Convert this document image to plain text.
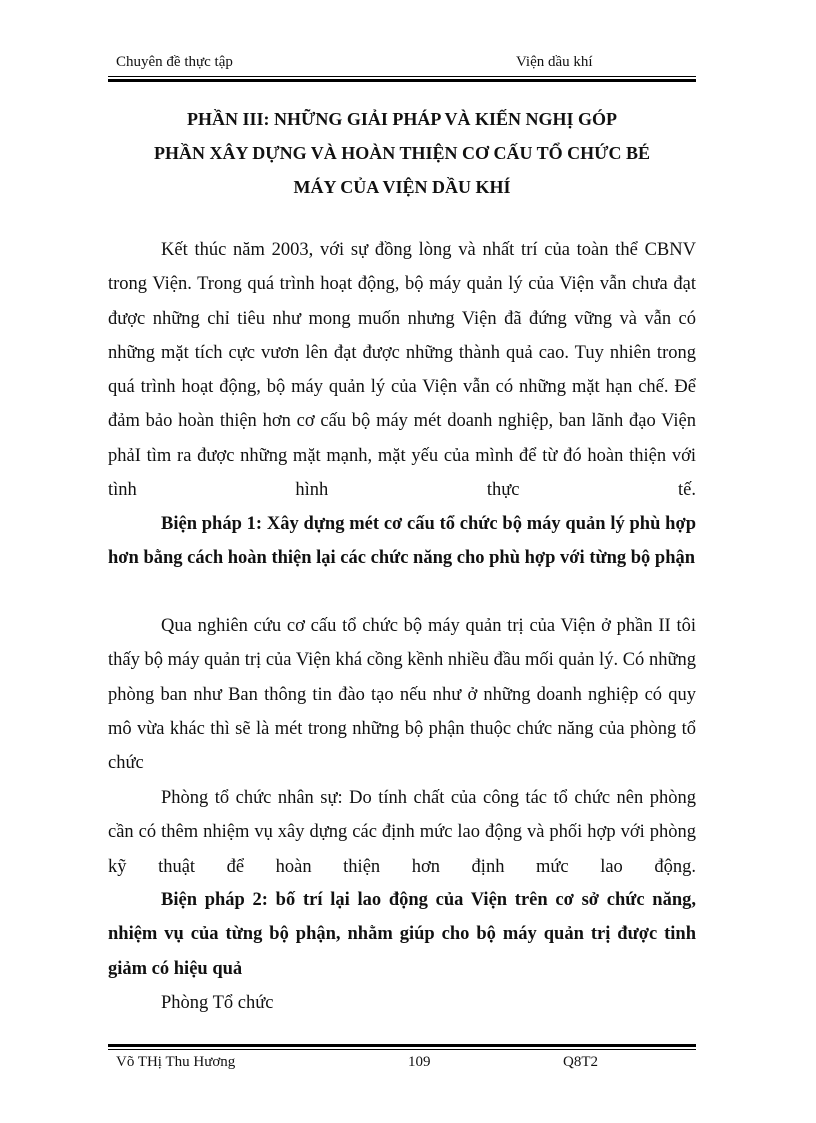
Chuyên đề thực tập	Viện dầu khí
PHẦN III: NHỮNG GIẢI PHÁP VÀ KIẾN NGHỊ GÓP
PHẦN XÂY DỰNG VÀ HOÀN THIỆN CƠ CẤU TỔ CHỨC BÉ
MÁY CỦA VIỆN DẦU KHÍ

Kết thúc năm 2003, với sự đồng lòng và nhất trí của toàn thể CBNV trong Viện. Trong quá trình hoạt động, bộ máy quản lý của Viện vẫn chưa đạt được những chỉ tiêu như mong muốn nhưng Viện đã đứng vững và vẫn có những mặt tích cực vươn lên đạt được những thành quả cao. Tuy nhiên trong quá trình hoạt động, bộ máy quản lý của Viện vẫn có những mặt hạn chế. Để đảm bảo hoàn thiện hơn cơ cấu bộ máy mét doanh nghiệp, ban lãnh đạo Viện phảI tìm ra được những mặt mạnh, mặt yếu của mình để từ đó hoàn thiện với tình hình thực tế.

Biện pháp 1: Xây dựng mét cơ cấu tổ chức bộ máy quản lý phù hợp hơn bằng cách hoàn thiện lại các chức năng cho phù hợp với từng bộ phận

Qua nghiên cứu cơ cấu tổ chức bộ máy quản trị của Viện ở phần II tôi thấy bộ máy quản trị của Viện khá cồng kềnh nhiều đầu mối quản lý. Có những phòng ban như Ban thông tin đào tạo nếu như ở những doanh nghiệp có quy mô vừa khác thì sẽ là mét trong những bộ phận thuộc chức năng của phòng tổ chức

Phòng tổ chức nhân sự: Do tính chất của công tác tổ chức nên phòng cần có thêm nhiệm vụ xây dựng các định mức lao động và phối hợp với phòng kỹ thuật để hoàn thiện hơn định mức lao động.

Biện pháp 2: bố trí lại lao động của Viện trên cơ sở chức năng, nhiệm vụ của từng bộ phận, nhằm giúp cho bộ máy quản trị được tinh giảm có hiệu quả

Phòng Tổ chức

Võ THị Thu Hương	109	Q8T2
